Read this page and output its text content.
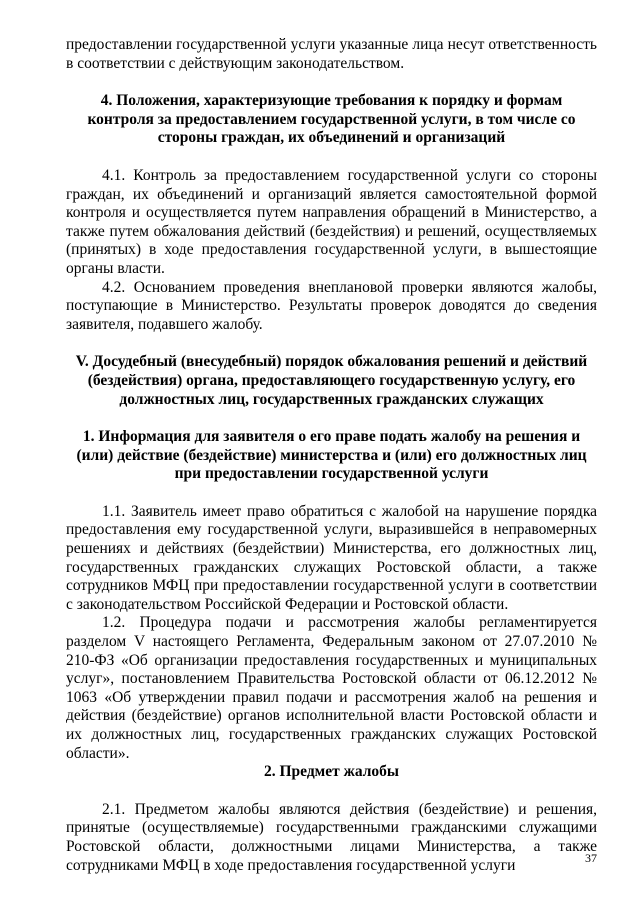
предоставлении государственной услуги указанные лица несут ответственность в соответствии с действующим законодательством.

4. Положения, характеризующие требования к порядку и формам контроля за предоставлением государственной услуги, в том числе со стороны граждан, их объединений и организаций

4.1. Контроль за предоставлением государственной услуги со стороны граждан, их объединений и организаций является самостоятельной формой контроля и осуществляется путем направления обращений в Министерство, а также путем обжалования действий (бездействия) и решений, осуществляемых (принятых) в ходе предоставления государственной услуги, в вышестоящие органы власти.

4.2. Основанием проведения внеплановой проверки являются жалобы, поступающие в Министерство. Результаты проверок доводятся до сведения заявителя, подавшего жалобу.

V. Досудебный (внесудебный) порядок обжалования решений и действий (бездействия) органа, предоставляющего государственную услугу, его должностных лиц, государственных гражданских служащих
1. Информация для заявителя о его праве подать жалобу на решения и (или) действие (бездействие) министерства и (или) его должностных лиц при предоставлении государственной услуги

1.1. Заявитель имеет право обратиться с жалобой на нарушение порядка предоставления ему государственной услуги, выразившейся в неправомерных решениях и действиях (бездействии) Министерства, его должностных лиц, государственных гражданских служащих Ростовской области, а также сотрудников МФЦ при предоставлении государственной услуги в соответствии с законодательством Российской Федерации и Ростовской области.

1.2. Процедура подачи и рассмотрения жалобы регламентируется разделом V настоящего Регламента, Федеральным законом от 27.07.2010 № 210-ФЗ «Об организации предоставления государственных и муниципальных услуг», постановлением Правительства Ростовской области от 06.12.2012 № 1063 «Об утверждении правил подачи и рассмотрения жалоб на решения и действия (бездействие) органов исполнительной власти Ростовской области и их должностных лиц, государственных гражданских служащих Ростовской области».

2. Предмет жалобы

2.1. Предметом жалобы являются действия (бездействие) и решения, принятые (осуществляемые) государственными гражданскими служащими Ростовской области, должностными лицами Министерства, а также сотрудниками МФЦ в ходе предоставления государственной услуги	37
